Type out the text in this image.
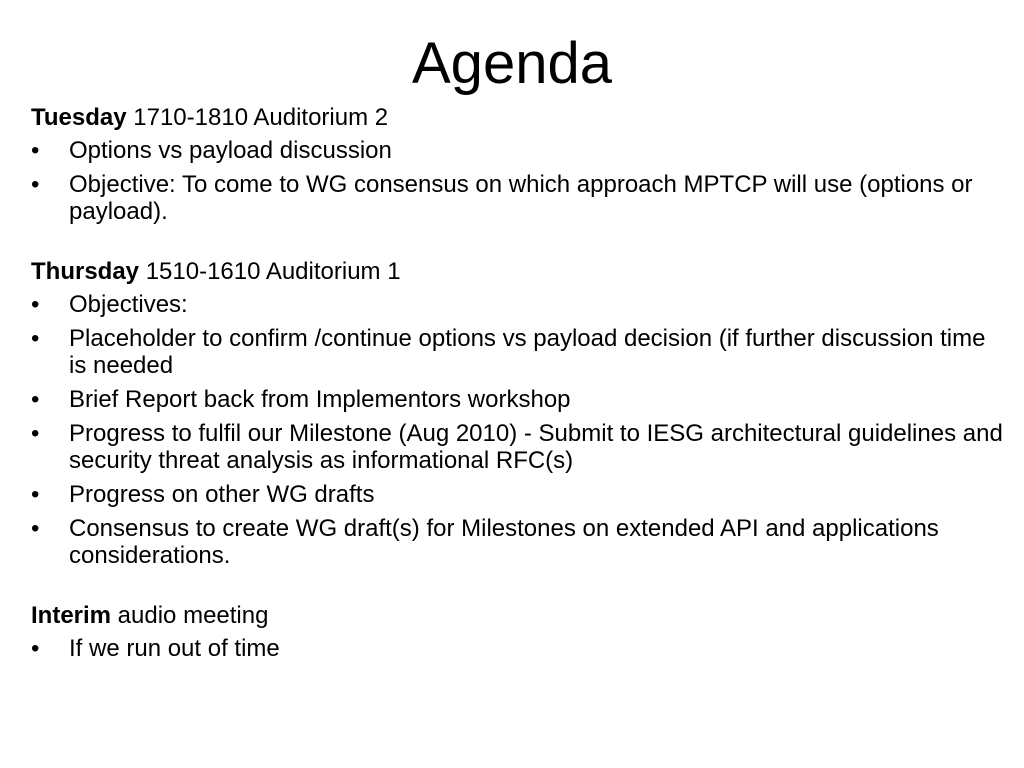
Agenda
Tuesday 1710-1810 Auditorium 2
•	Options vs payload discussion
•	Objective: To come to WG consensus on which approach MPTCP will use (options or payload).
Thursday 1510-1610 Auditorium 1
•	Objectives:
•	Placeholder to confirm /continue options vs payload decision (if further discussion time is needed
•	Brief Report back from Implementors workshop
•	Progress to fulfil our Milestone (Aug 2010) - Submit to IESG architectural guidelines and security threat analysis as informational RFC(s)
•	Progress on other WG drafts
•	Consensus to create WG draft(s) for Milestones on extended API and applications considerations.
Interim audio meeting
•	If we run out of time
